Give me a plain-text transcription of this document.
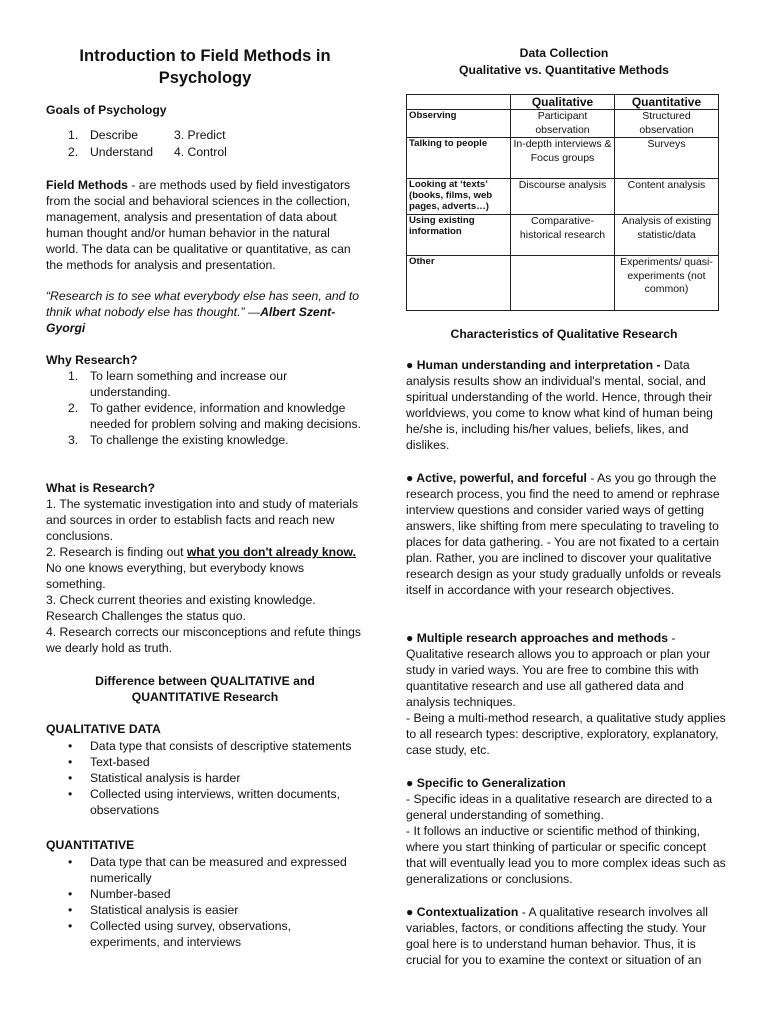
Introduction to Field Methods in Psychology
Goals of Psychology
1. Describe	3. Predict
2. Understand 4. Control

Field Methods - are methods used by field investigators from the social and behavioral sciences in the collection, management, analysis and presentation of data about human thought and/or human behavior in the natural world. The data can be qualitative or quantitative, as can the methods for analysis and presentation.

“Research is to see what everybody else has seen, and to thnik what nobody else has thought.” —Albert Szent-Gyorgi

Why Research?
1. To learn something and increase our understanding.
2. To gather evidence, information and knowledge needed for problem solving and making decisions.
3. To challenge the existing knowledge.
What is Research?

1. The systematic investigation into and study of materials and sources in order to establish facts and reach new conclusions.

2. Research is finding out what you don't already know. No one knows everything, but everybody knows something.

3. Check current theories and existing knowledge. Research Challenges the status quo.

4. Research corrects our misconceptions and refute things we dearly hold as truth.

Difference between QUALITATIVE and
QUANTITATIVE Research
QUALITATIVE DATA
• Data type that consists of descriptive statements
• Text-based
• Statistical analysis is harder
• Collected using interviews, written documents, observations
QUANTITATIVE
• Data type that can be measured and expressed numerically
• Number-based
• Statistical analysis is easier
• Collected using survey, observations, experiments, and interviews
Data Collection
Qualitative vs. Quantitative Methods
	Qualitative	Quantitative
Observing	Participant observation	Structured observation
Talking to people	In-depth interviews & Focus groups	Surveys
Looking at ‘texts’ (books, films, web pages, adverts…)	Discourse analysis	Content analysis
Using existing information	Comparative-historical research	Analysis of existing statistic/data
Other		Experiments/ quasi-experiments (not common)
Characteristics of Qualitative Research

● Human understanding and interpretation - Data analysis results show an individual's mental, social, and spiritual understanding of the world. Hence, through their worldviews, you come to know what kind of human being he/she is, including his/her values, beliefs, likes, and dislikes.

● Active, powerful, and forceful - As you go through the research process, you find the need to amend or rephrase interview questions and consider varied ways of getting answers, like shifting from mere speculating to traveling to places for data gathering. - You are not fixated to a certain plan. Rather, you are inclined to discover your qualitative research design as your study gradually unfolds or reveals itself in accordance with your research objectives.

● Multiple research approaches and methods - Qualitative research allows you to approach or plan your study in varied ways. You are free to combine this with quantitative research and use all gathered data and analysis techniques.
- Being a multi-method research, a qualitative study applies to all research types: descriptive, exploratory, explanatory, case study, etc.

● Specific to Generalization
- Specific ideas in a qualitative research are directed to a general understanding of something.
- It follows an inductive or scientific method of thinking, where you start thinking of particular or specific concept that will eventually lead you to more complex ideas such as generalizations or conclusions.

● Contextualization - A qualitative research involves all variables, factors, or conditions affecting the study. Your goal here is to understand human behavior. Thus, it is crucial for you to examine the context or situation of an
